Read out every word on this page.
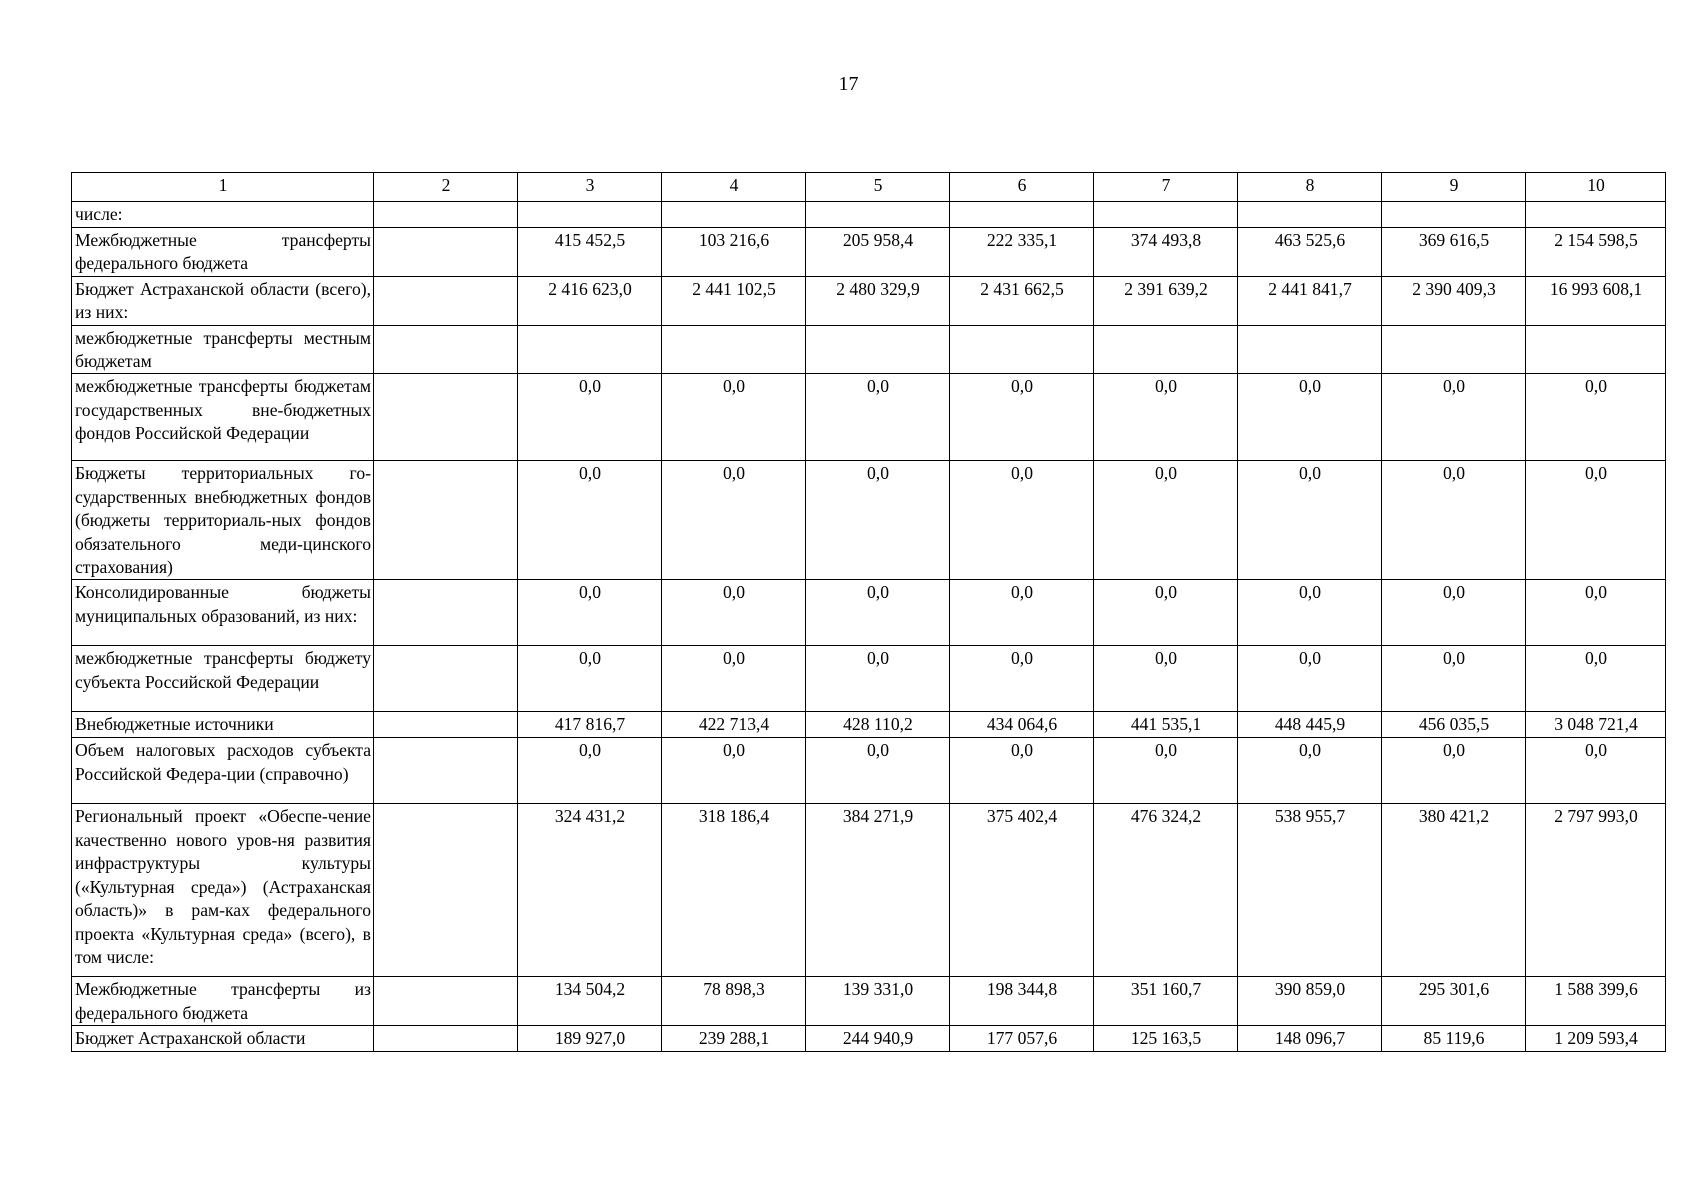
17
1	2	3	4	5	6	7	8	9	10
числе:									
Межбюджетные трансферты федерального бюджета		415 452,5	103 216,6	205 958,4	222 335,1	374 493,8	463 525,6	369 616,5	2 154 598,5
Бюджет Астраханской области (всего), из них:		2 416 623,0	2 441 102,5	2 480 329,9	2 431 662,5	2 391 639,2	2 441 841,7	2 390 409,3	16 993 608,1
межбюджетные трансферты местным бюджетам									
межбюджетные трансферты бюджетам государственных вне-бюджетных фондов Российской Федерации		0,0	0,0	0,0	0,0	0,0	0,0	0,0	0,0
Бюджеты территориальных го-сударственных внебюджетных фондов (бюджеты территориаль-ных фондов обязательного меди-цинского страхования)		0,0	0,0	0,0	0,0	0,0	0,0	0,0	0,0
Консолидированные бюджеты муниципальных образований, из них:		0,0	0,0	0,0	0,0	0,0	0,0	0,0	0,0
межбюджетные трансферты бюджету субъекта Российской Федерации		0,0	0,0	0,0	0,0	0,0	0,0	0,0	0,0
Внебюджетные источники		417 816,7	422 713,4	428 110,2	434 064,6	441 535,1	448 445,9	456 035,5	3 048 721,4
Объем налоговых расходов субъекта Российской Федера-ции (справочно)		0,0	0,0	0,0	0,0	0,0	0,0	0,0	0,0
Региональный проект «Обеспе-чение качественно нового уров-ня развития инфраструктуры культуры («Культурная среда») (Астраханская область)» в рам-ках федерального проекта «Культурная среда» (всего), в том числе:		324 431,2	318 186,4	384 271,9	375 402,4	476 324,2	538 955,7	380 421,2	2 797 993,0
Межбюджетные трансферты из федерального бюджета		134 504,2	78 898,3	139 331,0	198 344,8	351 160,7	390 859,0	295 301,6	1 588 399,6
Бюджет Астраханской области		189 927,0	239 288,1	244 940,9	177 057,6	125 163,5	148 096,7	85 119,6	1 209 593,4
